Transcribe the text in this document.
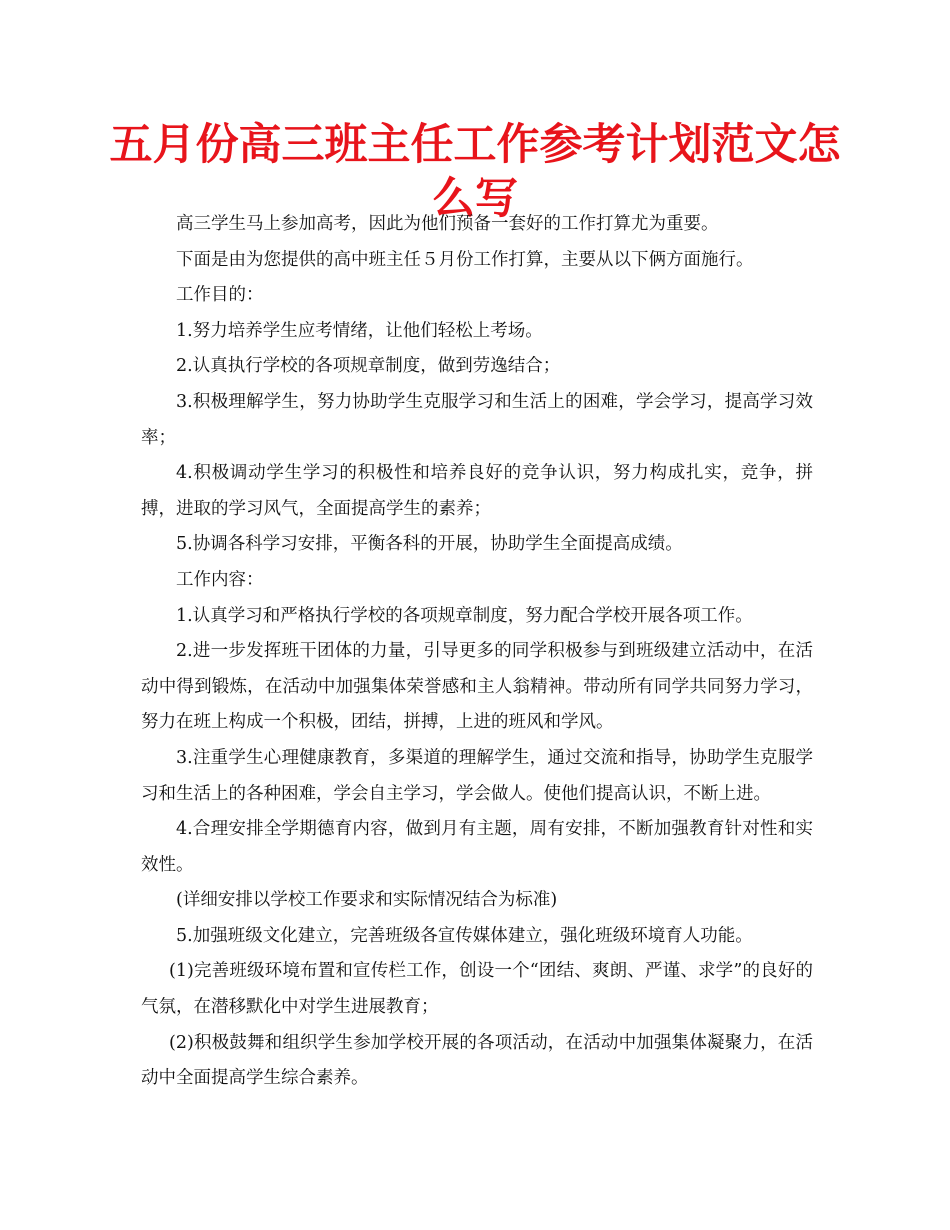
五月份高三班主任工作参考计划范文怎么写

高三学生马上参加高考，因此为他们预备一套好的工作打算尤为重要。

下面是由为您提供的高中班主任５月份工作打算，主要从以下俩方面施行。

工作目的：

1.努力培养学生应考情绪，让他们轻松上考场。

2.认真执行学校的各项规章制度，做到劳逸结合；

3.积极理解学生，努力协助学生克服学习和生活上的困难，学会学习，提高学习效率；

4.积极调动学生学习的积极性和培养良好的竞争认识，努力构成扎实，竞争，拼搏，进取的学习风气，全面提高学生的素养；

5.协调各科学习安排，平衡各科的开展，协助学生全面提高成绩。

工作内容：

1.认真学习和严格执行学校的各项规章制度，努力配合学校开展各项工作。

2.进一步发挥班干团体的力量，引导更多的同学积极参与到班级建立活动中，在活动中得到锻炼，在活动中加强集体荣誉感和主人翁精神。带动所有同学共同努力学习，努力在班上构成一个积极，团结，拼搏，上进的班风和学风。

3.注重学生心理健康教育，多渠道的理解学生，通过交流和指导，协助学生克服学习和生活上的各种困难，学会自主学习，学会做人。使他们提高认识，不断上进。

4.合理安排全学期德育内容，做到月有主题，周有安排，不断加强教育针对性和实效性。

(详细安排以学校工作要求和实际情况结合为标准)

5.加强班级文化建立，完善班级各宣传媒体建立，强化班级环境育人功能。

(1)完善班级环境布置和宣传栏工作，创设一个“团结、爽朗、严谨、求学”的良好的气氛，在潜移默化中对学生进展教育；

(2)积极鼓舞和组织学生参加学校开展的各项活动，在活动中加强集体凝聚力，在活动中全面提高学生综合素养。
